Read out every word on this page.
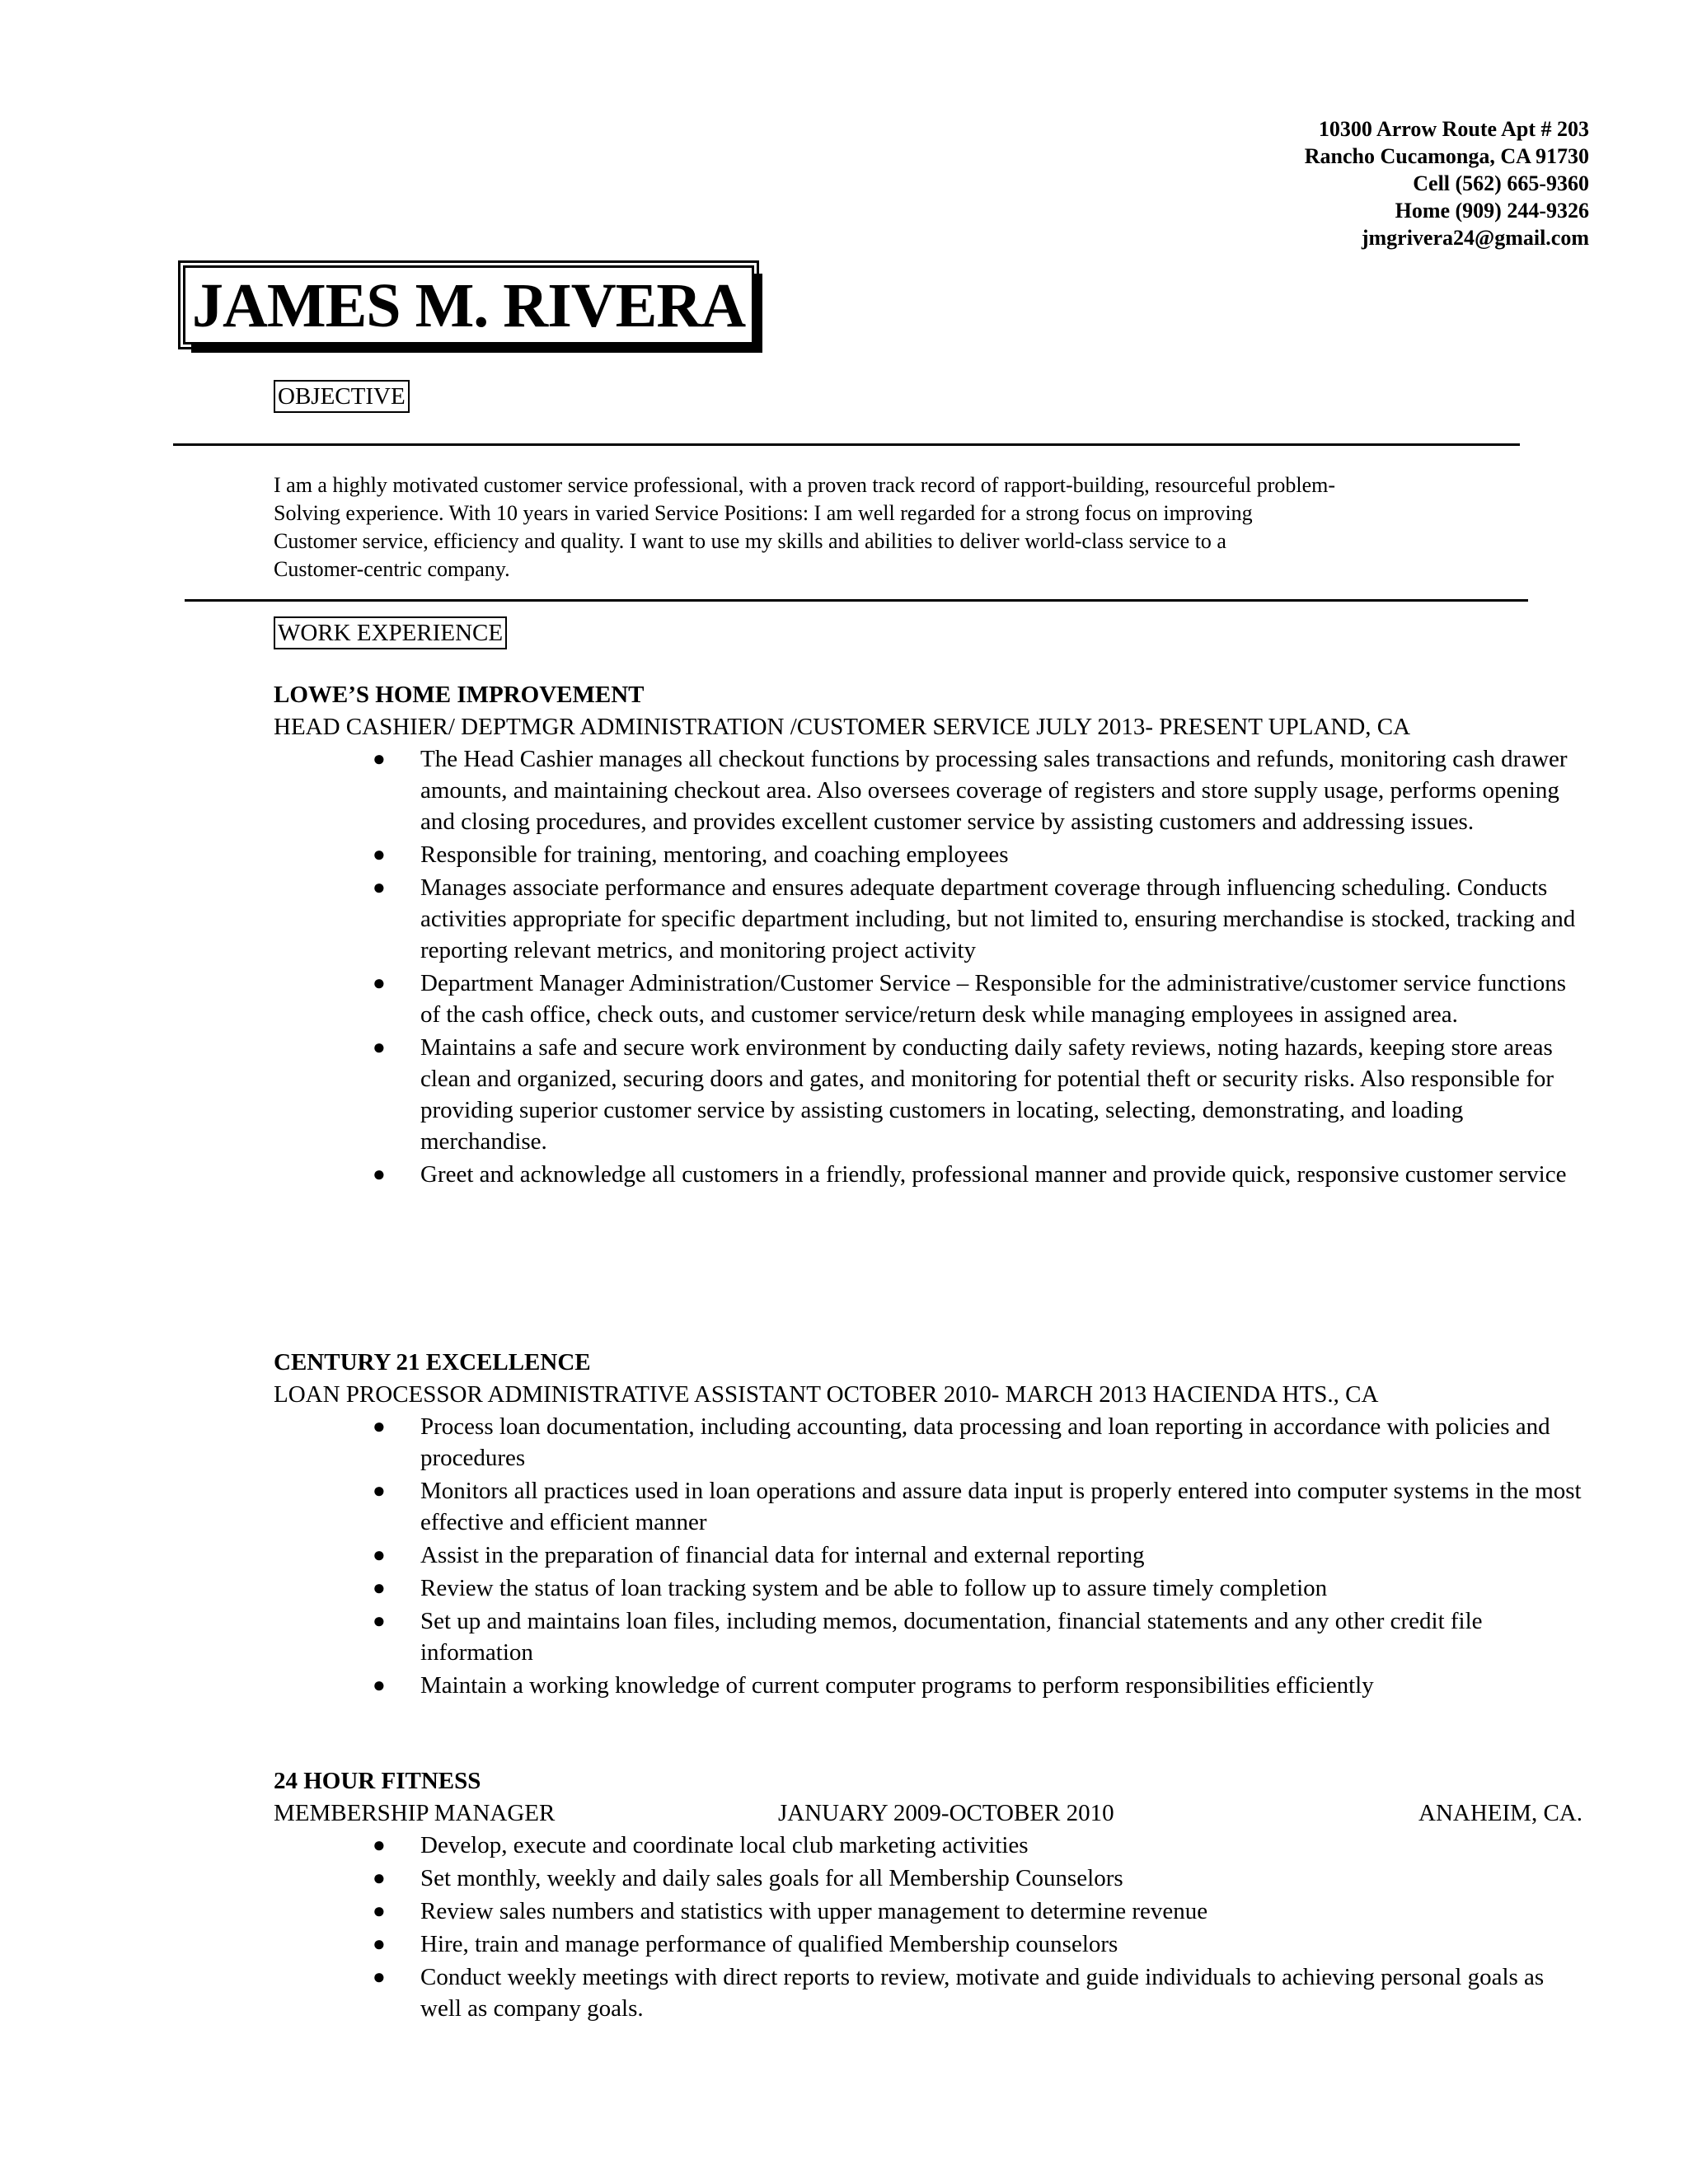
10300 Arrow Route Apt # 203
Rancho Cucamonga, CA 91730
Cell (562) 665-9360
Home (909) 244-9326
jmgrivera24@gmail.com
JAMES M. RIVERA
OBJECTIVE
I am a highly motivated customer service professional, with a proven track record of rapport-building, resourceful problem-
Solving experience. With 10 years in varied Service Positions: I am well regarded for a strong focus on improving
Customer service, efficiency and quality. I want to use my skills and abilities to deliver world-class service to a
Customer-centric company.
WORK EXPERIENCE
LOWE’S HOME IMPROVEMENT
HEAD CASHIER/ DEPTMGR ADMINISTRATION /CUSTOMER SERVICE JULY 2013- PRESENT UPLAND, CA
● The Head Cashier manages all checkout functions by processing sales transactions and refunds, monitoring cash drawer amounts, and maintaining checkout area. Also oversees coverage of registers and store supply usage, performs opening and closing procedures, and provides excellent customer service by assisting customers and addressing issues.
● Responsible for training, mentoring, and coaching employees
● Manages associate performance and ensures adequate department coverage through influencing scheduling. Conducts activities appropriate for specific department including, but not limited to, ensuring merchandise is stocked, tracking and reporting relevant metrics, and monitoring project activity
● Department Manager Administration/Customer Service – Responsible for the administrative/customer service functions of the cash office, check outs, and customer service/return desk while managing employees in assigned area.
● Maintains a safe and secure work environment by conducting daily safety reviews, noting hazards, keeping store areas clean and organized, securing doors and gates, and monitoring for potential theft or security risks. Also responsible for providing superior customer service by assisting customers in locating, selecting, demonstrating, and loading merchandise.
● Greet and acknowledge all customers in a friendly, professional manner and provide quick, responsive customer service
CENTURY 21 EXCELLENCE
LOAN PROCESSOR ADMINISTRATIVE ASSISTANT OCTOBER 2010- MARCH 2013 HACIENDA HTS., CA
● Process loan documentation, including accounting, data processing and loan reporting in accordance with policies and procedures
● Monitors all practices used in loan operations and assure data input is properly entered into computer systems in the most effective and efficient manner
● Assist in the preparation of financial data for internal and external reporting
● Review the status of loan tracking system and be able to follow up to assure timely completion
● Set up and maintains loan files, including memos, documentation, financial statements and any other credit file information
● Maintain a working knowledge of current computer programs to perform responsibilities efficiently
24 HOUR FITNESS
MEMBERSHIP MANAGER	JANUARY 2009-OCTOBER 2010	ANAHEIM, CA.
● Develop, execute and coordinate local club marketing activities
● Set monthly, weekly and daily sales goals for all Membership Counselors
● Review sales numbers and statistics with upper management to determine revenue
● Hire, train and manage performance of qualified Membership counselors
● Conduct weekly meetings with direct reports to review, motivate and guide individuals to achieving personal goals as well as company goals.
